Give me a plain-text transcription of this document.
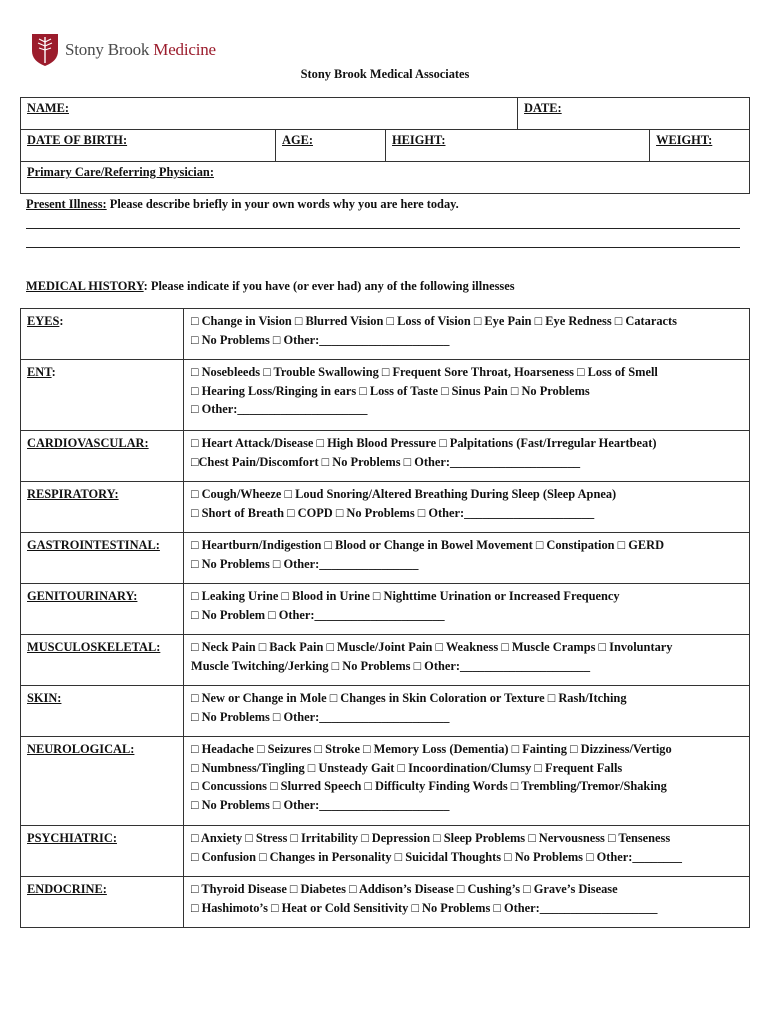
Stony Brook Medicine
Stony Brook Medical Associates
NAME:			DATE:	
DATE OF BIRTH:	AGE:	HEIGHT:		WEIGHT:
Primary Care/Referring Physician:				
Present Illness: Please describe briefly in your own words why you are here today.
MEDICAL HISTORY: Please indicate if you have (or ever had) any of the following illnesses
EYES:	□ Change in Vision □ Blurred Vision □ Loss of Vision □ Eye Pain □ Eye Redness □ Cataracts
□ No Problems □ Other:_____________________

ENT:	□ Nosebleeds □ Trouble Swallowing □ Frequent Sore Throat, Hoarseness □ Loss of Smell
□ Hearing Loss/Ringing in ears □ Loss of Taste □ Sinus Pain □ No Problems
□ Other:_____________________

CARDIOVASCULAR:	□ Heart Attack/Disease □ High Blood Pressure □ Palpitations (Fast/Irregular Heartbeat)
□Chest Pain/Discomfort □ No Problems □ Other:_____________________

RESPIRATORY:	□ Cough/Wheeze □ Loud Snoring/Altered Breathing During Sleep (Sleep Apnea)
□ Short of Breath □ COPD □ No Problems □ Other:_____________________

GASTROINTESTINAL:	□ Heartburn/Indigestion □ Blood or Change in Bowel Movement □ Constipation □ GERD
□ No Problems □ Other:________________

GENITOURINARY:	□ Leaking Urine □ Blood in Urine □ Nighttime Urination or Increased Frequency
□ No Problem □ Other:_____________________

MUSCULOSKELETAL:	□ Neck Pain □ Back Pain □ Muscle/Joint Pain □ Weakness □ Muscle Cramps □ Involuntary
Muscle Twitching/Jerking □ No Problems □ Other:_____________________

SKIN:	□ New or Change in Mole □ Changes in Skin Coloration or Texture □ Rash/Itching
□ No Problems □ Other:_____________________

NEUROLOGICAL:	□ Headache □ Seizures □ Stroke □ Memory Loss (Dementia) □ Fainting □ Dizziness/Vertigo
□ Numbness/Tingling □ Unsteady Gait □ Incoordination/Clumsy □ Frequent Falls
□ Concussions □ Slurred Speech □ Difficulty Finding Words □ Trembling/Tremor/Shaking
□ No Problems □ Other:_____________________

PSYCHIATRIC:	□ Anxiety □ Stress □ Irritability □ Depression □ Sleep Problems □ Nervousness □ Tenseness
□ Confusion □ Changes in Personality □ Suicidal Thoughts □ No Problems □ Other:________

ENDOCRINE:	□ Thyroid Disease □ Diabetes □ Addison’s Disease □ Cushing’s □ Grave’s Disease
□ Hashimoto’s □ Heat or Cold Sensitivity □ No Problems □ Other:___________________
